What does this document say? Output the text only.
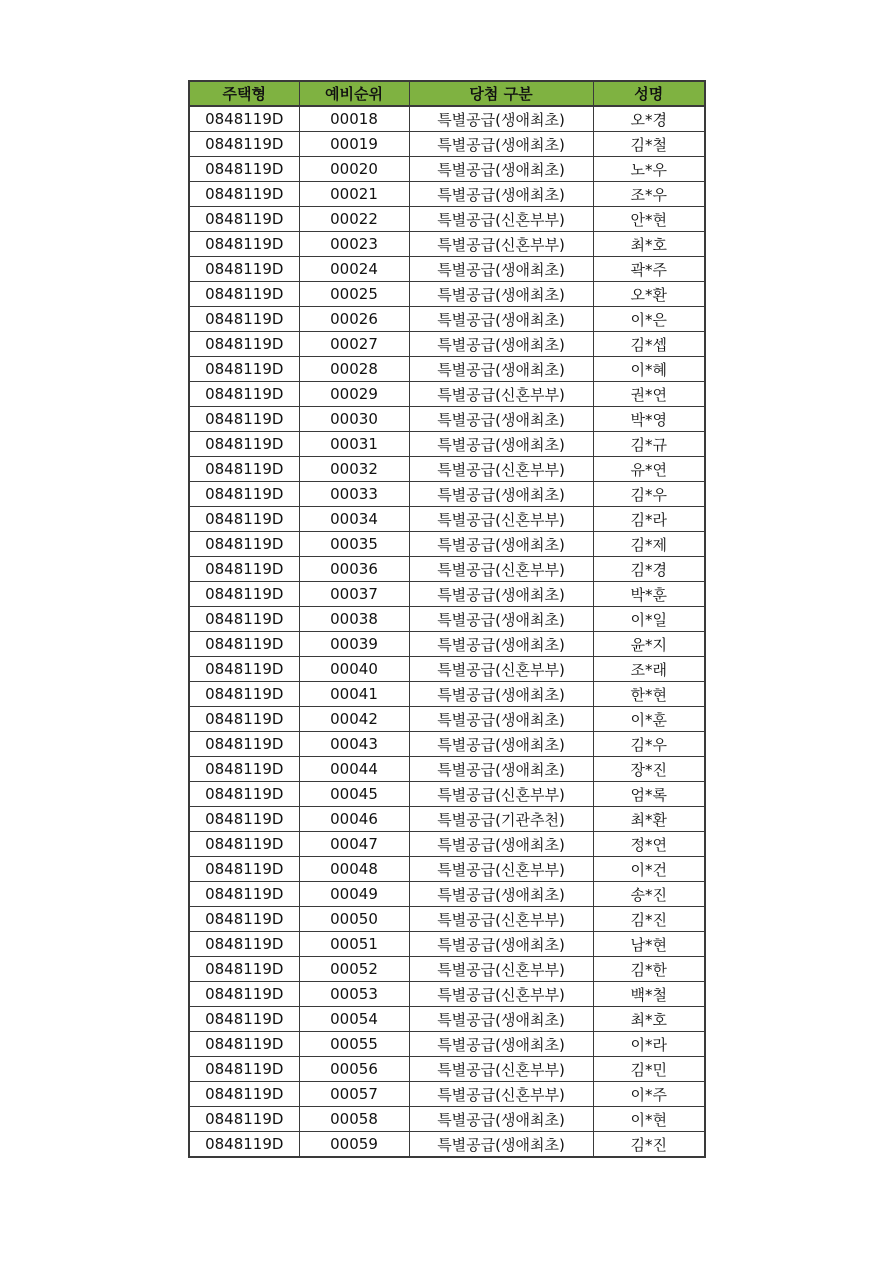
주택형	예비순위	당첨 구분	성명
0848119D	00018	특별공급(생애최초)	오*경
0848119D	00019	특별공급(생애최초)	김*철
0848119D	00020	특별공급(생애최초)	노*우
0848119D	00021	특별공급(생애최초)	조*우
0848119D	00022	특별공급(신혼부부)	안*현
0848119D	00023	특별공급(신혼부부)	최*호
0848119D	00024	특별공급(생애최초)	곽*주
0848119D	00025	특별공급(생애최초)	오*환
0848119D	00026	특별공급(생애최초)	이*은
0848119D	00027	특별공급(생애최초)	김*셉
0848119D	00028	특별공급(생애최초)	이*혜
0848119D	00029	특별공급(신혼부부)	권*연
0848119D	00030	특별공급(생애최초)	박*영
0848119D	00031	특별공급(생애최초)	김*규
0848119D	00032	특별공급(신혼부부)	유*연
0848119D	00033	특별공급(생애최초)	김*우
0848119D	00034	특별공급(신혼부부)	김*라
0848119D	00035	특별공급(생애최초)	김*제
0848119D	00036	특별공급(신혼부부)	김*경
0848119D	00037	특별공급(생애최초)	박*훈
0848119D	00038	특별공급(생애최초)	이*일
0848119D	00039	특별공급(생애최초)	윤*지
0848119D	00040	특별공급(신혼부부)	조*래
0848119D	00041	특별공급(생애최초)	한*현
0848119D	00042	특별공급(생애최초)	이*훈
0848119D	00043	특별공급(생애최초)	김*우
0848119D	00044	특별공급(생애최초)	장*진
0848119D	00045	특별공급(신혼부부)	엄*록
0848119D	00046	특별공급(기관추천)	최*환
0848119D	00047	특별공급(생애최초)	정*연
0848119D	00048	특별공급(신혼부부)	이*건
0848119D	00049	특별공급(생애최초)	송*진
0848119D	00050	특별공급(신혼부부)	김*진
0848119D	00051	특별공급(생애최초)	남*현
0848119D	00052	특별공급(신혼부부)	김*한
0848119D	00053	특별공급(신혼부부)	백*철
0848119D	00054	특별공급(생애최초)	최*호
0848119D	00055	특별공급(생애최초)	이*라
0848119D	00056	특별공급(신혼부부)	김*민
0848119D	00057	특별공급(신혼부부)	이*주
0848119D	00058	특별공급(생애최초)	이*현
0848119D	00059	특별공급(생애최초)	김*진
